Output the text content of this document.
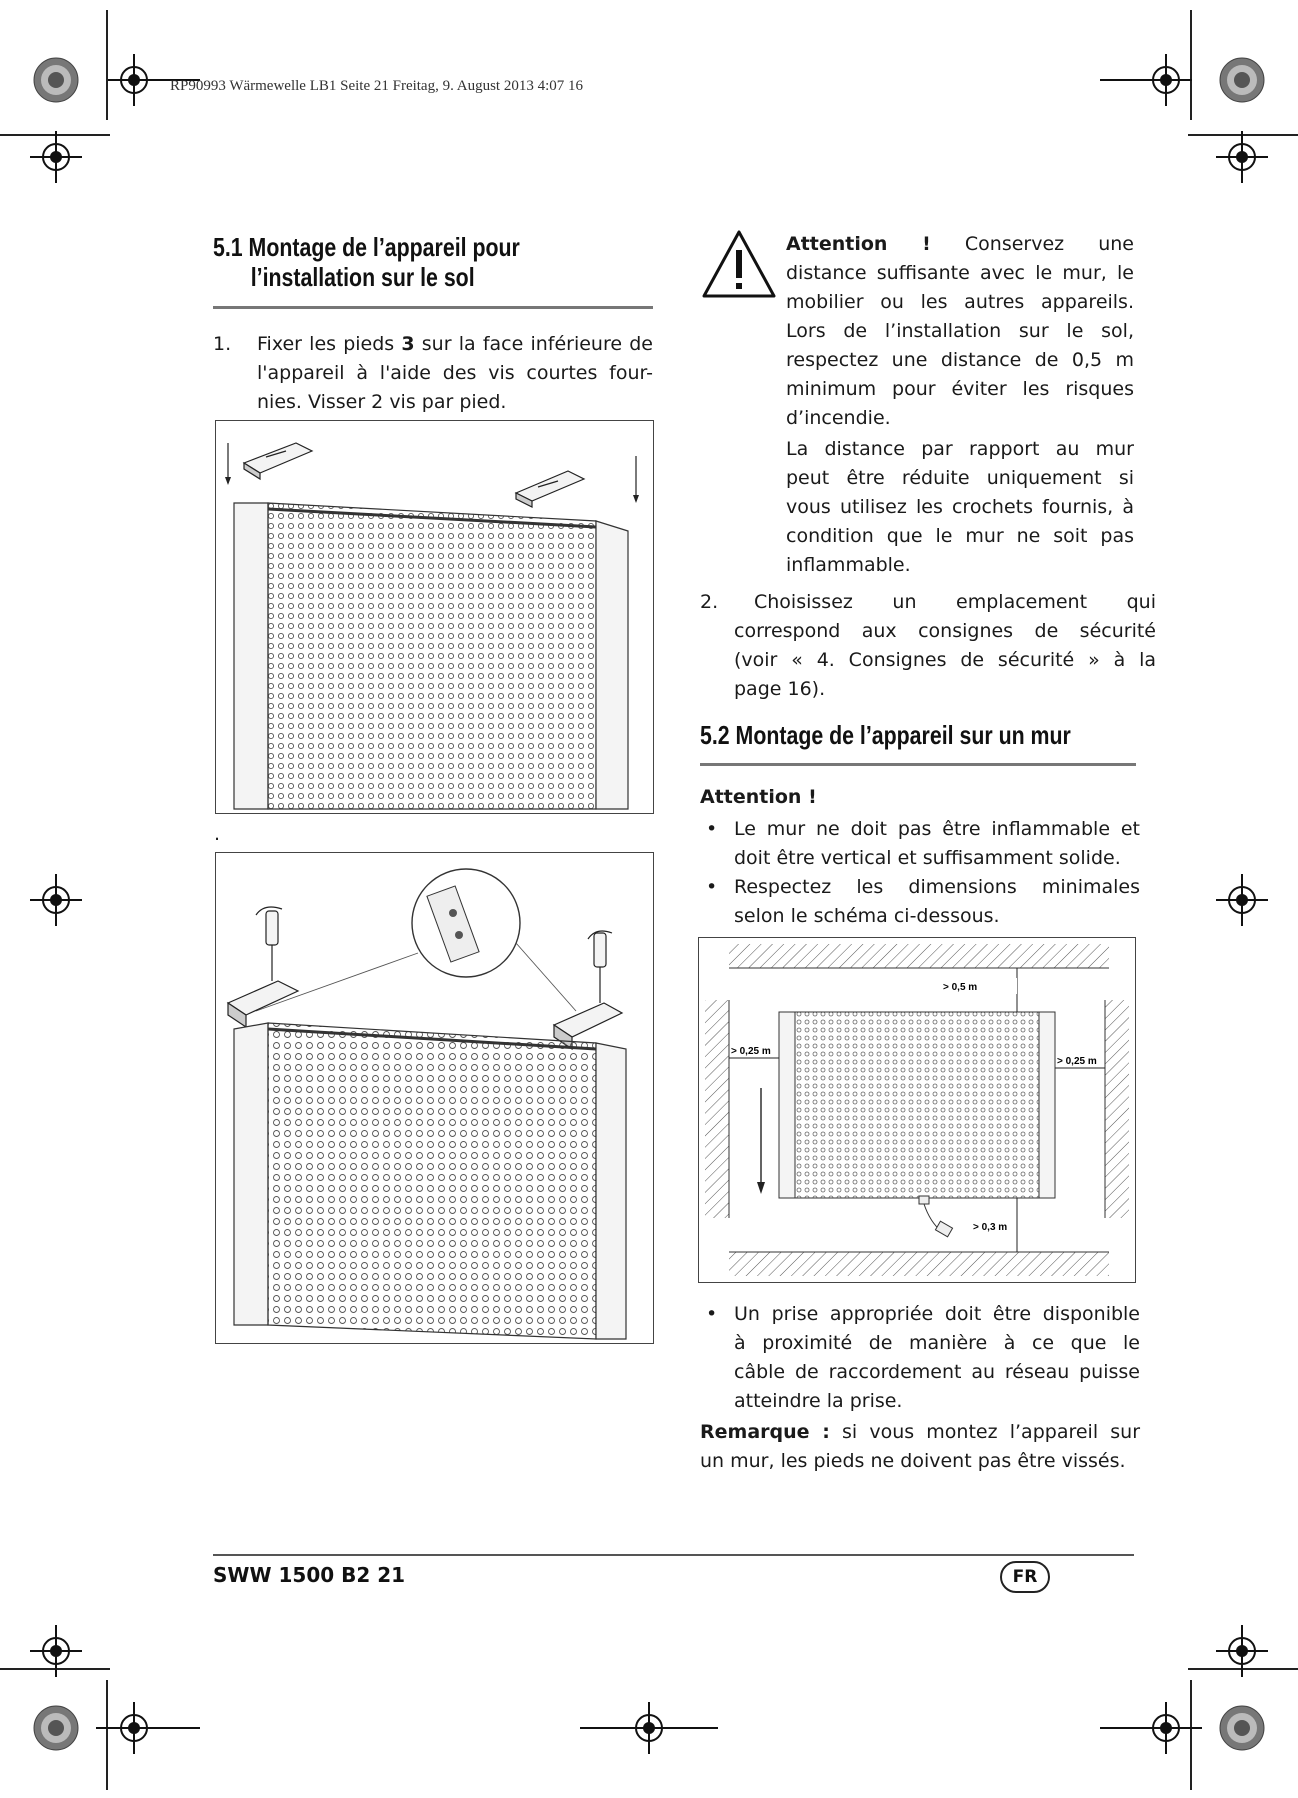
RP90993 Wärmewelle LB1 Seite 21 Freitag, 9. August 2013 4:07 16
5.1 Montage de l’appareil pour
l’installation sur le sol
1. Fixer les pieds 3 sur la face inférieure de
l'appareil à l'aide des vis courtes four-
nies. Visser 2 vis par pied.
.
Attention ! Conservez une
distance suffisante avec le mur, le
mobilier ou les autres appareils.
Lors de l’installation sur le sol,
respectez une distance de 0,5 m
minimum pour éviter les risques
d’incendie.
La distance par rapport au mur
peut être réduite uniquement si
vous utilisez les crochets fournis, à
condition que le mur ne soit pas
inflammable.
2.	Choisissez un emplacement qui
correspond aux consignes de sécurité
(voir « 4. Consignes de sécurité » à la
page 16).
5.2 Montage de l’appareil sur un mur
Attention !
• Le mur ne doit pas être inflammable et
doit être vertical et suffisamment solide.
• Respectez les dimensions minimales
selon le schéma ci-dessous.
> 0,5 m
> 0,25 m
> 0,25 m
> 0,3 m
• Un prise appropriée doit être disponible
à proximité de manière à ce que le
câble de raccordement au réseau puisse
atteindre la prise.
Remarque : si vous montez l’appareil sur
un mur, les pieds ne doivent pas être vissés.
SWW 1500 B2 21	FR
